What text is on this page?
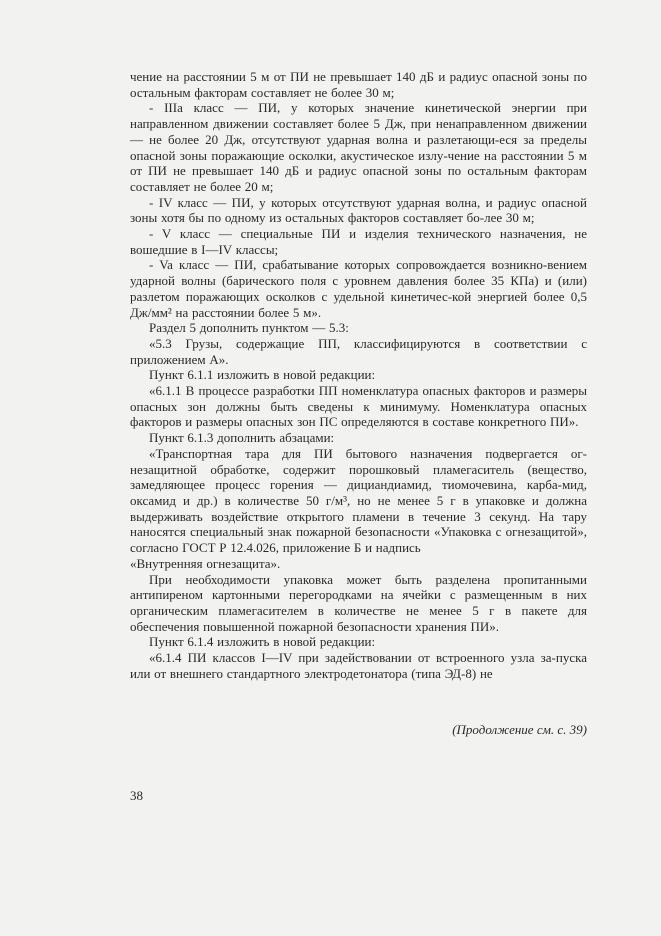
чение на расстоянии 5 м от ПИ не превышает 140 дБ и радиус опасной зоны по остальным факторам составляет не более 30 м;

- IIIa класс — ПИ, у которых значение кинетической энергии при направленном движении составляет более 5 Дж, при ненаправленном движении — не более 20 Дж, отсутствуют ударная волна и разлетающи-еся за пределы опасной зоны поражающие осколки, акустическое излу-чение на расстоянии 5 м от ПИ не превышает 140 дБ и радиус опасной зоны по остальным факторам составляет не более 20 м;

- IV класс — ПИ, у которых отсутствуют ударная волна, и радиус опасной зоны хотя бы по одному из остальных факторов составляет бо-лее 30 м;

- V класс — специальные ПИ и изделия технического назначения, не вошедшие в I—IV классы;

- Va класс — ПИ, срабатывание которых сопровождается возникно-вением ударной волны (барического поля с уровнем давления более 35 КПа) и (или) разлетом поражающих осколков с удельной кинетичес-кой энергией более 0,5 Дж/мм² на расстоянии более 5 м».

Раздел 5 дополнить пунктом — 5.3:

«5.3 Грузы, содержащие ПП, классифицируются в соответствии с приложением А».

Пункт 6.1.1 изложить в новой редакции:

«6.1.1 В процессе разработки ПП номенклатура опасных факторов и размеры опасных зон должны быть сведены к минимуму. Номенклатура опасных факторов и размеры опасных зон ПС определяются в составе конкретного ПИ».

Пункт 6.1.3 дополнить абзацами:

«Транспортная тара для ПИ бытового назначения подвергается ог-незащитной обработке, содержит порошковый пламегаситель (вещество, замедляющее процесс горения — дициандиамид, тиомочевина, карба-мид, оксамид и др.) в количестве 50 г/м³, но не менее 5 г в упаковке и должна выдерживать воздействие открытого пламени в течение 3 секунд. На тару наносятся специальный знак пожарной безопасности «Упаковка с огнезащитой», согласно ГОСТ Р 12.4.026, приложение Б и надпись

«Внутренняя огнезащита».

При необходимости упаковка может быть разделена пропитанными антипиреном картонными перегородками на ячейки с размещенным в них органическим пламегасителем в количестве не менее 5 г в пакете для обеспечения повышенной пожарной безопасности хранения ПИ».

Пункт 6.1.4 изложить в новой редакции:

«6.1.4 ПИ классов I—IV при задействовании от встроенного узла за-пуска или от внешнего стандартного электродетонатора (типа ЭД-8) не

(Продолжение см. с. 39)
38
